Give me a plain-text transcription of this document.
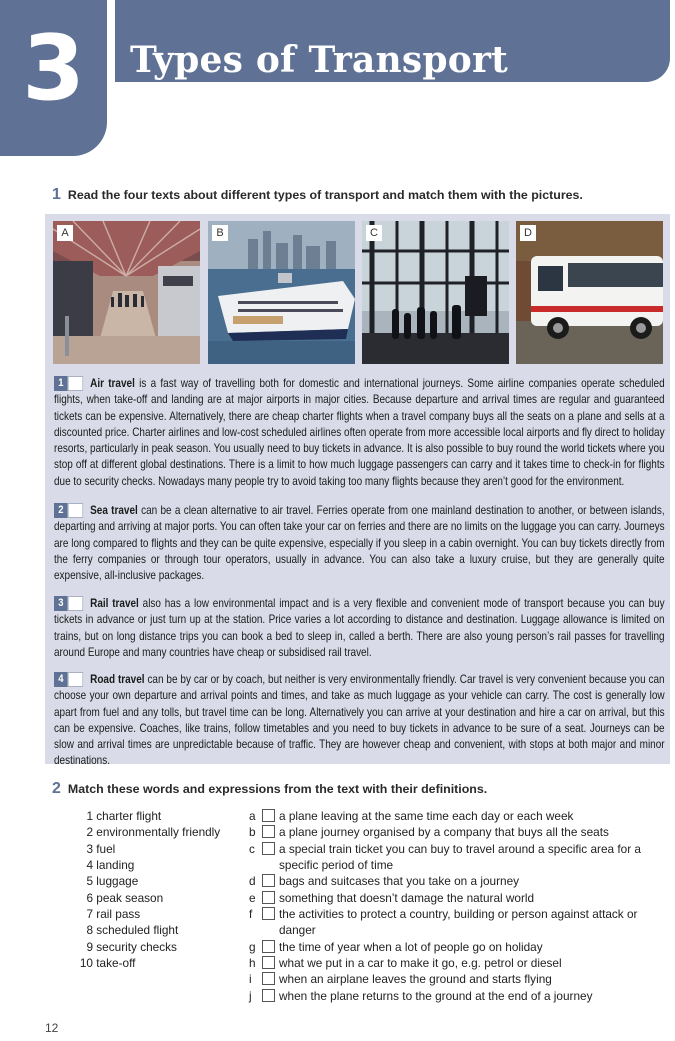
3	Types of Transport
1 Read the four texts about different types of transport and match them with the pictures.
A	B	C	D
1 Air travel is a fast way of travelling both for domestic and international journeys. Some airline companies operate scheduled flights, when take-off and landing are at major airports in major cities. Because departure and arrival times are regular and guaranteed tickets can be expensive. Alternatively, there are cheap charter flights when a travel company buys all the seats on a plane and sells at a discounted price. Charter airlines and low-cost scheduled airlines often operate from more accessible local airports and fly direct to holiday resorts, particularly in peak season. You usually need to buy tickets in advance. It is also possible to buy round the world tickets where you stop off at different global destinations. There is a limit to how much luggage passengers can carry and it takes time to check-in for flights due to security checks. Nowadays many people try to avoid taking too many flights because they aren’t good for the environment.
2 Sea travel can be a clean alternative to air travel. Ferries operate from one mainland destination to another, or between islands, departing and arriving at major ports. You can often take your car on ferries and there are no limits on the luggage you can carry. Journeys are long compared to flights and they can be quite expensive, especially if you sleep in a cabin overnight. You can buy tickets directly from the ferry companies or through tour operators, usually in advance. You can also take a luxury cruise, but they are generally quite expensive, all-inclusive packages.
3 Rail travel also has a low environmental impact and is a very flexible and convenient mode of transport because you can buy tickets in advance or just turn up at the station. Price varies a lot according to distance and destination. Luggage allowance is limited on trains, but on long distance trips you can book a bed to sleep in, called a berth. There are also young person’s rail passes for travelling around Europe and many countries have cheap or subsidised rail travel.
4 Road travel can be by car or by coach, but neither is very environmentally friendly. Car travel is very convenient because you can choose your own departure and arrival points and times, and take as much luggage as your vehicle can carry. The cost is generally low apart from fuel and any tolls, but travel time can be long. Alternatively you can arrive at your destination and hire a car on arrival, but this can be expensive. Coaches, like trains, follow timetables and you need to buy tickets in advance to be sure of a seat. Journeys can be slow and arrival times are unpredictable because of traffic. They are however cheap and convenient, with stops at both major and minor destinations.
2 Match these words and expressions from the text with their definitions.
1 charter flight
2 environmentally friendly
3 fuel
4 landing
5 luggage
6 peak season
7 rail pass
8 scheduled flight
9 security checks
10 take-off
a	a plane leaving at the same time each day or each week
b	a plane journey organised by a company that buys all the seats
c	a special train ticket you can buy to travel around a specific area for a specific period of time
d	bags and suitcases that you take on a journey
e	something that doesn’t damage the natural world
f	the activities to protect a country, building or person against attack or danger
g	the time of year when a lot of people go on holiday
h	what we put in a car to make it go, e.g. petrol or diesel
i	when an airplane leaves the ground and starts flying
j	when the plane returns to the ground at the end of a journey
12
